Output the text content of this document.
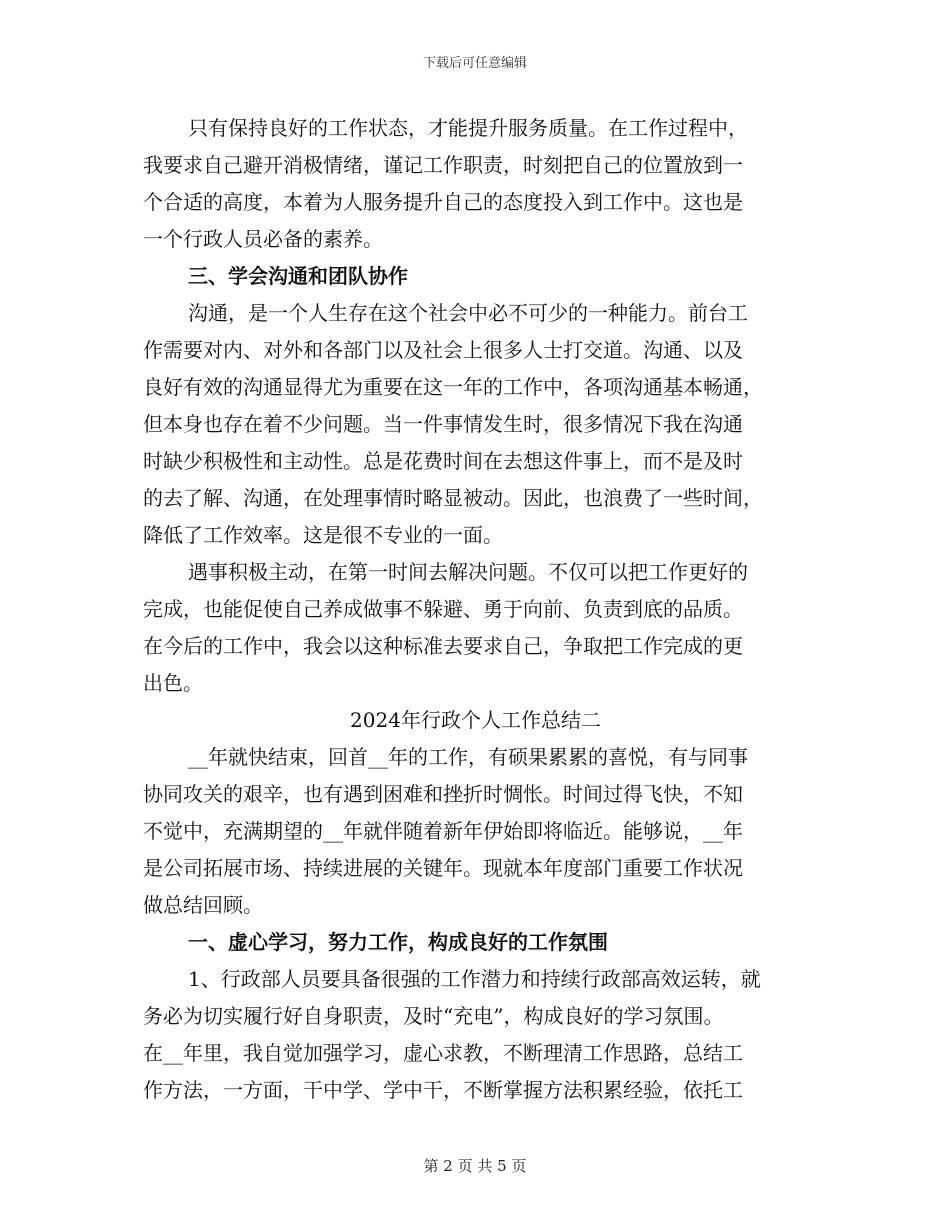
下载后可任意编辑
只有保持良好的工作状态，才能提升服务质量。在工作过程中，
我要求自己避开消极情绪，谨记工作职责，时刻把自己的位置放到一
个合适的高度，本着为人服务提升自己的态度投入到工作中。这也是
一个行政人员必备的素养。
三、学会沟通和团队协作
沟通，是一个人生存在这个社会中必不可少的一种能力。前台工
作需要对内、对外和各部门以及社会上很多人士打交道。沟通、以及
良好有效的沟通显得尤为重要在这一年的工作中，各项沟通基本畅通，
但本身也存在着不少问题。当一件事情发生时，很多情况下我在沟通
时缺少积极性和主动性。总是花费时间在去想这件事上，而不是及时
的去了解、沟通，在处理事情时略显被动。因此，也浪费了一些时间，
降低了工作效率。这是很不专业的一面。
遇事积极主动，在第一时间去解决问题。不仅可以把工作更好的
完成，也能促使自己养成做事不躲避、勇于向前、负责到底的品质。
在今后的工作中，我会以这种标准去要求自己，争取把工作完成的更
出色。
2024年行政个人工作总结二
__年就快结束，回首__年的工作，有硕果累累的喜悦，有与同事
协同攻关的艰辛，也有遇到困难和挫折时惆怅。时间过得飞快，不知
不觉中，充满期望的__年就伴随着新年伊始即将临近。能够说，__年
是公司拓展市场、持续进展的关键年。现就本年度部门重要工作状况
做总结回顾。
一、虚心学习，努力工作，构成良好的工作氛围
1、行政部人员要具备很强的工作潜力和持续行政部高效运转，就
务必为切实履行好自身职责，及时“充电”，构成良好的学习氛围。
在__年里，我自觉加强学习，虚心求教，不断理清工作思路，总结工
作方法，一方面，干中学、学中干，不断掌握方法积累经验，依托工
第 2 页 共 5 页
